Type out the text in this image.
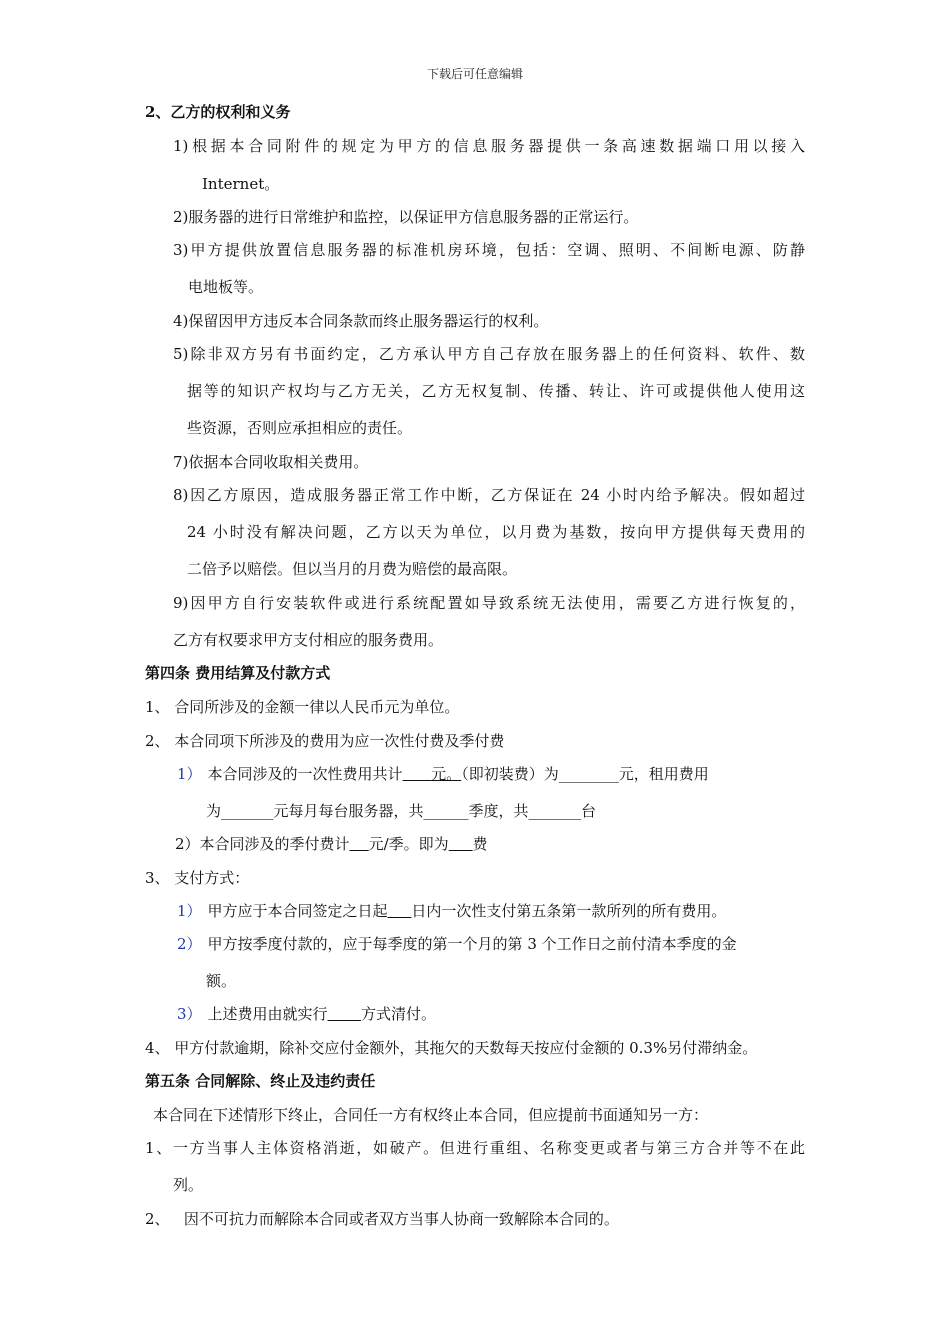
下载后可任意编辑
2、乙方的权利和义务
1)根据本合同附件的规定为甲方的信息服务器提供一条高速数据端口用以接入
Internet。
2)服务器的进行日常维护和监控，以保证甲方信息服务器的正常运行。
3)甲方提供放置信息服务器的标准机房环境，包括：空调、照明、不间断电源、防静
电地板等。
4)保留因甲方违反本合同条款而终止服务器运行的权利。
5)除非双方另有书面约定，乙方承认甲方自己存放在服务器上的任何资料、软件、数
据等的知识产权均与乙方无关，乙方无权复制、传播、转让、许可或提供他人使用这
些资源，否则应承担相应的责任。
7)依据本合同收取相关费用。
8)因乙方原因，造成服务器正常工作中断，乙方保证在 24 小时内给予解决。假如超过
24 小时没有解决问题，乙方以天为单位，以月费为基数，按向甲方提供每天费用的
二倍予以赔偿。但以当月的月费为赔偿的最高限。
9)因甲方自行安装软件或进行系统配置如导致系统无法使用，需要乙方进行恢复的，
乙方有权要求甲方支付相应的服务费用。
第四条 费用结算及付款方式
1、 合同所涉及的金额一律以人民币元为单位。
2、 本合同项下所涉及的费用为应一次性付费及季付费
1） 本合同涉及的一次性费用共计 元。（即初装费）为________元，租用费用
为_______元每月每台服务器，共______季度，共_______台
2）本合同涉及的季付费计 元/季。即为 费
3、 支付方式：
1） 甲方应于本合同签定之日起 日内一次性支付第五条第一款所列的所有费用。
2） 甲方按季度付款的，应于每季度的第一个月的第 3 个工作日之前付清本季度的金
额。
3） 上述费用由就实行 方式清付。
4、 甲方付款逾期，除补交应付金额外，其拖欠的天数每天按应付金额的 0.3%另付滞纳金。
第五条 合同解除、终止及违约责任
本合同在下述情形下终止，合同任一方有权终止本合同，但应提前书面通知另一方：
1、一方当事人主体资格消逝，如破产。但进行重组、名称变更或者与第三方合并等不在此
列。
2、   因不可抗力而解除本合同或者双方当事人协商一致解除本合同的。
